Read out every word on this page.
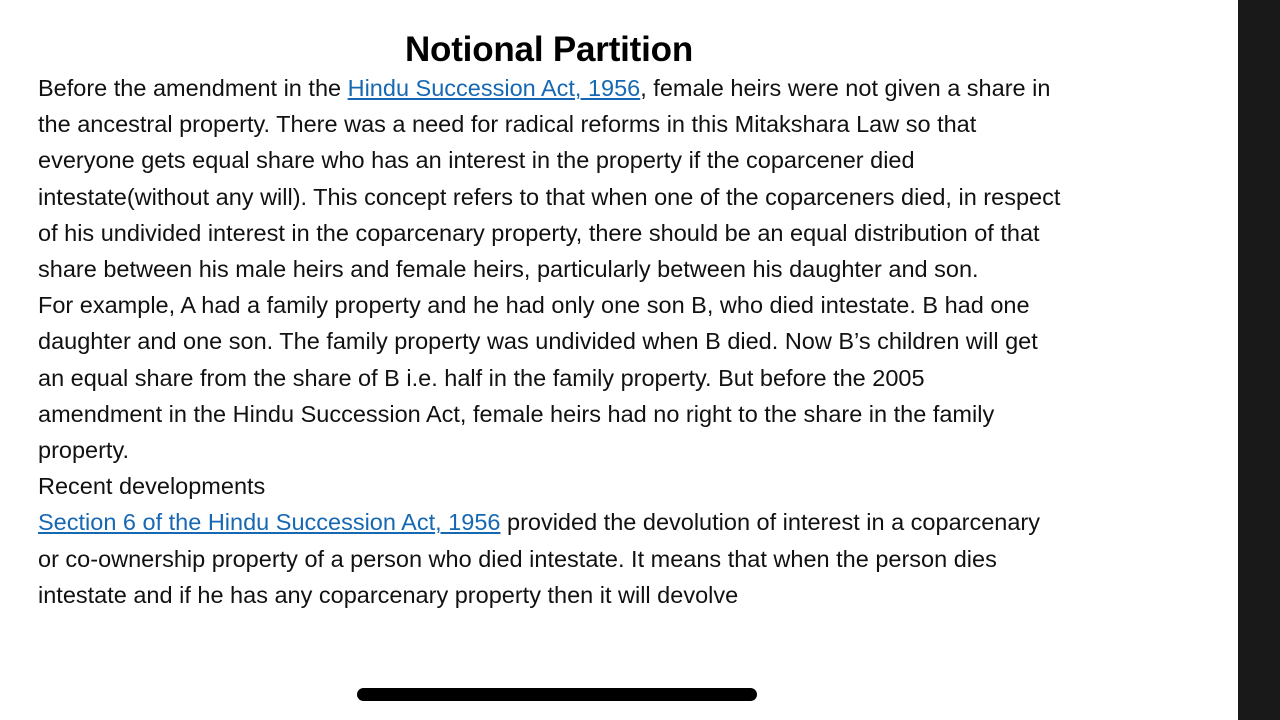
Notional Partition

Before the amendment in the Hindu Succession Act, 1956, female heirs were not given a share in the ancestral property. There was a need for radical reforms in this Mitakshara Law so that everyone gets equal share who has an interest in the property if the coparcener died intestate(without any will). This concept refers to that when one of the coparceners died, in respect of his undivided interest in the coparcenary property, there should be an equal distribution of that share between his male heirs and female heirs, particularly between his daughter and son.

For example, A had a family property and he had only one son B, who died intestate. B had one daughter and one son. The family property was undivided when B died. Now B’s children will get an equal share from the share of B i.e. half in the family property. But before the 2005 amendment in the Hindu Succession Act, female heirs had no right to the share in the family property.

Recent developments

Section 6 of the Hindu Succession Act, 1956 provided the devolution of interest in a coparcenary or co-ownership property of a person who died intestate. It means that when the person dies intestate and if he has any coparcenary property then it will devolve
